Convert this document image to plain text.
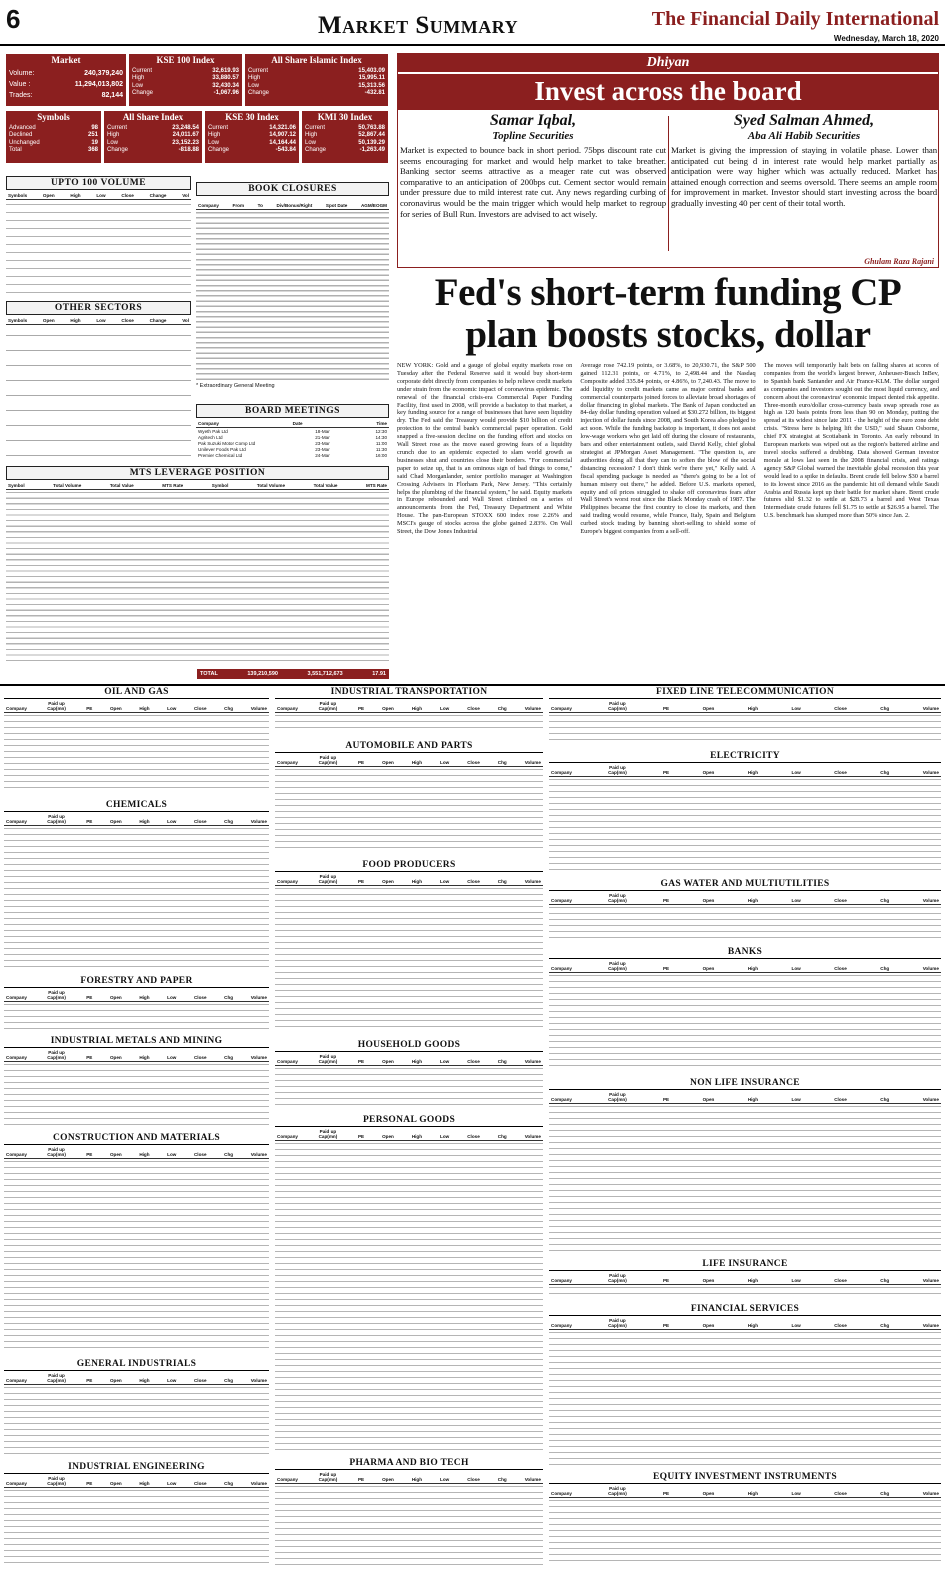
6	Market Summary	The Financial Daily International
Wednesday, March 18, 2020
Market
Volume:	240,379,240
Value :	11,294,013,802
Trades:	82,144
KSE 100 Index
Current	32,619.93
High	33,880.57
Low	32,430.34
Change	-1,067.96
All Share Islamic Index
Current	15,403.09
High	15,995.11
Low	15,313.56
Change	-432.81
Symbols
Advanced	98
Declined	251
Unchanged	19
Total	368
All Share Index
Current	23,248.54
High	24,011.67
Low	23,152.23
Change	-818.88
KSE 30 Index
Current	14,321.06
High	14,907.12
Low	14,164.44
Change	-543.84
KMI 30 Index
Current	50,763.88
High	52,867.44
Low	50,139.29
Change	-1,263.49
UPTO 100 VOLUME
Symbols	Open	High	Low	Close	Change	Vol
OTHER SECTORS
Symbols	Open	High	Low	Close	Change	Vol
BOOK CLOSURES
Company	From	To	Div/Bonus/Right	Spot Date	AGM/EOGM
* Extraordinary General Meeting
BOARD MEETINGS
Company	Date	Time
Wyeth Pak Ltd	18-Mar	12:30
Agritech Ltd	21-Mar	14:30
Pak Suzuki Motor Comp Ltd	23-Mar	11:00
Unilever Foods Pak Ltd	23-Mar	11:30
Premier Chemical Ltd	24-Mar	16:00
MTS LEVERAGE POSITION
Symbol	Total Volume	Total Value	MTS Rate	Symbol	Total Volume	Total Value	MTS Rate
TOTAL	139,210,590	3,551,712,673	17.91
Dhiyan
Invest across the board
Samar Iqbal,
Topline Securities
Market is expected to bounce back in short period. 75bps discount rate cut seems encouraging for market and would help market to take breather. Banking sector seems attractive as a meager rate cut was observed comparative to an anticipation of 200bps cut. Cement sector would remain under pressure due to mild interest rate cut. Any news regarding curbing of coronavirus would be the main trigger which would help market to regroup for series of Bull Run. Investors are advised to act wisely.
Syed Salman Ahmed,
Aba Ali Habib Securities
Market is giving the impression of staying in volatile phase. Lower than anticipated cut being d in interest rate would help market partially as anticipation were way higher which was actually reduced. Market has attained enough correction and seems oversold. There seems an ample room for improvement in market. Investor should start investing across the board gradually investing 40 per cent of their total worth.
Ghulam Raza Rajani
Fed's short-term funding CP
plan boosts stocks, dollar
NEW YORK: Gold and a gauge of global equity markets rose on Tuesday after the Federal Reserve said it would buy short-term corporate debt directly from companies to help relieve credit markets under strain from the economic impact of coronavirus epidemic. The renewal of the financial crisis-era Commercial Paper Funding Facility, first used in 2008, will provide a backstop to that market, a key funding source for a range of businesses that have seen liquidity dry. The Fed said the Treasury would provide $10 billion of credit protection to the central bank's commercial paper operation. Gold snapped a five-session decline on the funding effort and stocks on Wall Street rose as the move eased growing fears of a liquidity crunch due to an epidemic expected to slam world growth as businesses shut and countries close their borders. "For commercial paper to seize up, that is an ominous sign of bad things to come," said Chad Morganlander, senior portfolio manager at Washington Crossing Advisers in Florham Park, New Jersey. "This certainly helps the plumbing of the financial system," he said. Equity markets in Europe rebounded and Wall Street climbed on a series of announcements from the Fed, Treasury Department and White House. The pan-European STOXX 600 index rose 2.26% and MSCI's gauge of stocks across the globe gained 2.83%. On Wall Street, the Dow Jones Industrial
Average rose 742.19 points, or 3.68%, to 20,930.71, the S&P 500 gained 112.31 points, or 4.71%, to 2,498.44 and the Nasdaq Composite added 335.84 points, or 4.86%, to 7,240.43. The move to add liquidity to credit markets came as major central banks and commercial counterparts joined forces to alleviate broad shortages of dollar financing in global markets. The Bank of Japan conducted an 84-day dollar funding operation valued at $30.272 billion, its biggest injection of dollar funds since 2008, and South Korea also pledged to act soon. While the funding backstop is important, it does not assist low-wage workers who get laid off during the closure of restaurants, bars and other entertainment outlets, said David Kelly, chief global strategist at JPMorgan Asset Management. "The question is, are authorities doing all that they can to soften the blow of the social distancing recession? I don't think we're there yet," Kelly said. A fiscal spending package is needed as "there's going to be a lot of human misery out there," he added. Before U.S. markets opened, equity and oil prices struggled to shake off coronavirus fears after Wall Street's worst rout since the Black Monday crash of 1987. The Philippines became the first country to close its markets, and then said trading would resume, while France, Italy, Spain and Belgium curbed stock trading by banning short-selling to shield some of Europe's biggest companies from a sell-off.
The moves will temporarily halt bets on falling shares at scores of companies from the world's largest brewer, Anheuser-Busch InBev, to Spanish bank Santander and Air France-KLM. The dollar surged as companies and investors sought out the most liquid currency, and concern about the coronavirus' economic impact dented risk appetite. Three-month euro/dollar cross-currency basis swap spreads rose as high as 120 basis points from less than 90 on Monday, putting the spread at its widest since late 2011 - the height of the euro zone debt crisis. "Stress here is helping lift the USD," said Shaun Osborne, chief FX strategist at Scotiabank in Toronto. An early rebound in European markets was wiped out as the region's battered airline and travel stocks suffered a drubbing. Data showed German investor morale at lows last seen in the 2008 financial crisis, and ratings agency S&P Global warned the inevitable global recession this year would lead to a spike in defaults. Brent crude fell below $30 a barrel to its lowest since 2016 as the pandemic hit oil demand while Saudi Arabia and Russia kept up their battle for market share. Brent crude futures slid $1.32 to settle at $28.73 a barrel and West Texas Intermediate crude futures fell $1.75 to settle at $26.95 a barrel. The U.S. benchmark has slumped more than 50% since Jan. 2.
OIL AND GAS
Company
Paid up Cap(mn)	PE	Open	High	Low	Close	Chg	Volume
CHEMICALS
Company
Paid up Cap(mn)	PE	Open	High	Low	Close	Chg	Volume
FORESTRY AND PAPER
Company
Paid up Cap(mn)	PE	Open	High	Low	Close	Chg	Volume
INDUSTRIAL METALS AND MINING
Company
Paid up Cap(mn)	PE	Open	High	Low	Close	Chg	Volume
CONSTRUCTION AND MATERIALS
Company
Paid up Cap(mn)	PE	Open	High	Low	Close	Chg	Volume
GENERAL INDUSTRIALS
Company
Paid up Cap(mn)	PE	Open	High	Low	Close	Chg	Volume
INDUSTRIAL ENGINEERING
Company
Paid up Cap(mn)	PE	Open	High	Low	Close	Chg	Volume
INDUSTRIAL TRANSPORTATION
Company
Paid up Cap(mn)	PE	Open	High	Low	Close	Chg	Volume
AUTOMOBILE AND PARTS
Company
Paid up Cap(mn)	PE	Open	High	Low	Close	Chg	Volume
FOOD PRODUCERS
Company
Paid up Cap(mn)	PE	Open	High	Low	Close	Chg	Volume
HOUSEHOLD GOODS
Company
Paid up Cap(mn)	PE	Open	High	Low	Close	Chg	Volume
PERSONAL GOODS
Company
Paid up Cap(mn)	PE	Open	High	Low	Close	Chg	Volume
PHARMA AND BIO TECH
Company
Paid up Cap(mn)	PE	Open	High	Low	Close	Chg	Volume
FIXED LINE TELECOMMUNICATION
Company
Paid up Cap(mn)	PE	Open	High	Low	Close	Chg	Volume
ELECTRICITY
Company
Paid up Cap(mn)	PE	Open	High	Low	Close	Chg	Volume
GAS WATER AND MULTIUTILITIES
Company
Paid up Cap(mn)	PE	Open	High	Low	Close	Chg	Volume
BANKS
Company
Paid up Cap(mn)	PE	Open	High	Low	Close	Chg	Volume
NON LIFE INSURANCE
Company
Paid up Cap(mn)	PE	Open	High	Low	Close	Chg	Volume
LIFE INSURANCE
Company
Paid up Cap(mn)	PE	Open	High	Low	Close	Chg	Volume
FINANCIAL SERVICES
Company
Paid up Cap(mn)	PE	Open	High	Low	Close	Chg	Volume
EQUITY INVESTMENT INSTRUMENTS
Company
Paid up Cap(mn)	PE	Open	High	Low	Close	Chg	Volume
